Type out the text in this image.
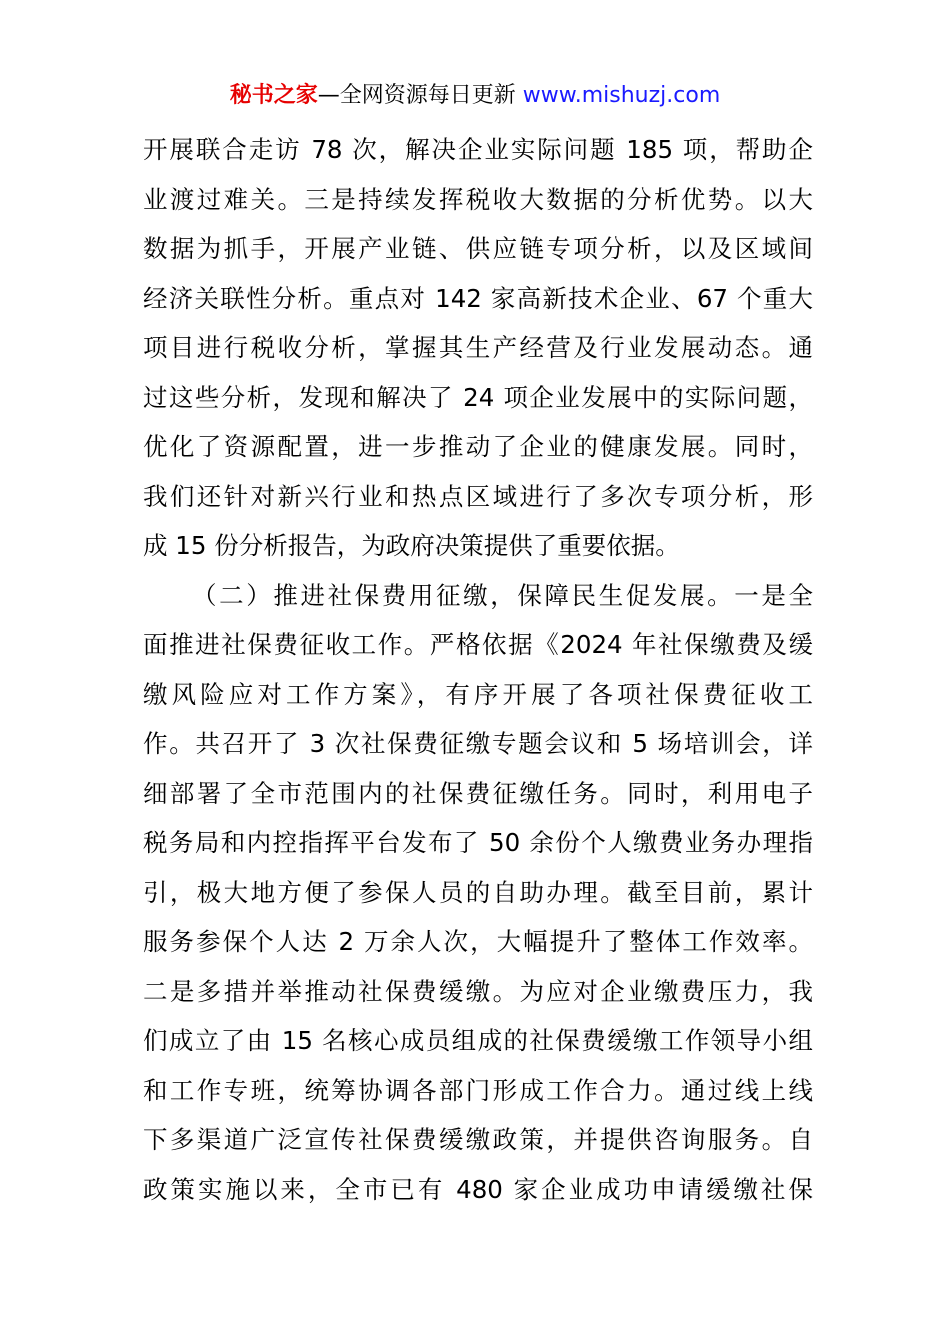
秘书之家—全网资源每日更新 www.mishuzj.com
开展联合走访 78 次，解决企业实际问题 185 项，帮助企
业渡过难关。三是持续发挥税收大数据的分析优势。以大
数据为抓手，开展产业链、供应链专项分析，以及区域间
经济关联性分析。重点对 142 家高新技术企业、67 个重大
项目进行税收分析，掌握其生产经营及行业发展动态。通
过这些分析，发现和解决了 24 项企业发展中的实际问题，
优化了资源配置，进一步推动了企业的健康发展。同时，
我们还针对新兴行业和热点区域进行了多次专项分析，形
成 15 份分析报告，为政府决策提供了重要依据。
（二）推进社保费用征缴，保障民生促发展。一是全
面推进社保费征收工作。严格依据《2024 年社保缴费及缓
缴风险应对工作方案》，有序开展了各项社保费征收工
作。共召开了 3 次社保费征缴专题会议和 5 场培训会，详
细部署了全市范围内的社保费征缴任务。同时，利用电子
税务局和内控指挥平台发布了 50 余份个人缴费业务办理指
引，极大地方便了参保人员的自助办理。截至目前，累计
服务参保个人达 2 万余人次，大幅提升了整体工作效率。
二是多措并举推动社保费缓缴。为应对企业缴费压力，我
们成立了由 15 名核心成员组成的社保费缓缴工作领导小组
和工作专班，统筹协调各部门形成工作合力。通过线上线
下多渠道广泛宣传社保费缓缴政策，并提供咨询服务。自
政策实施以来，全市已有 480 家企业成功申请缓缴社保
